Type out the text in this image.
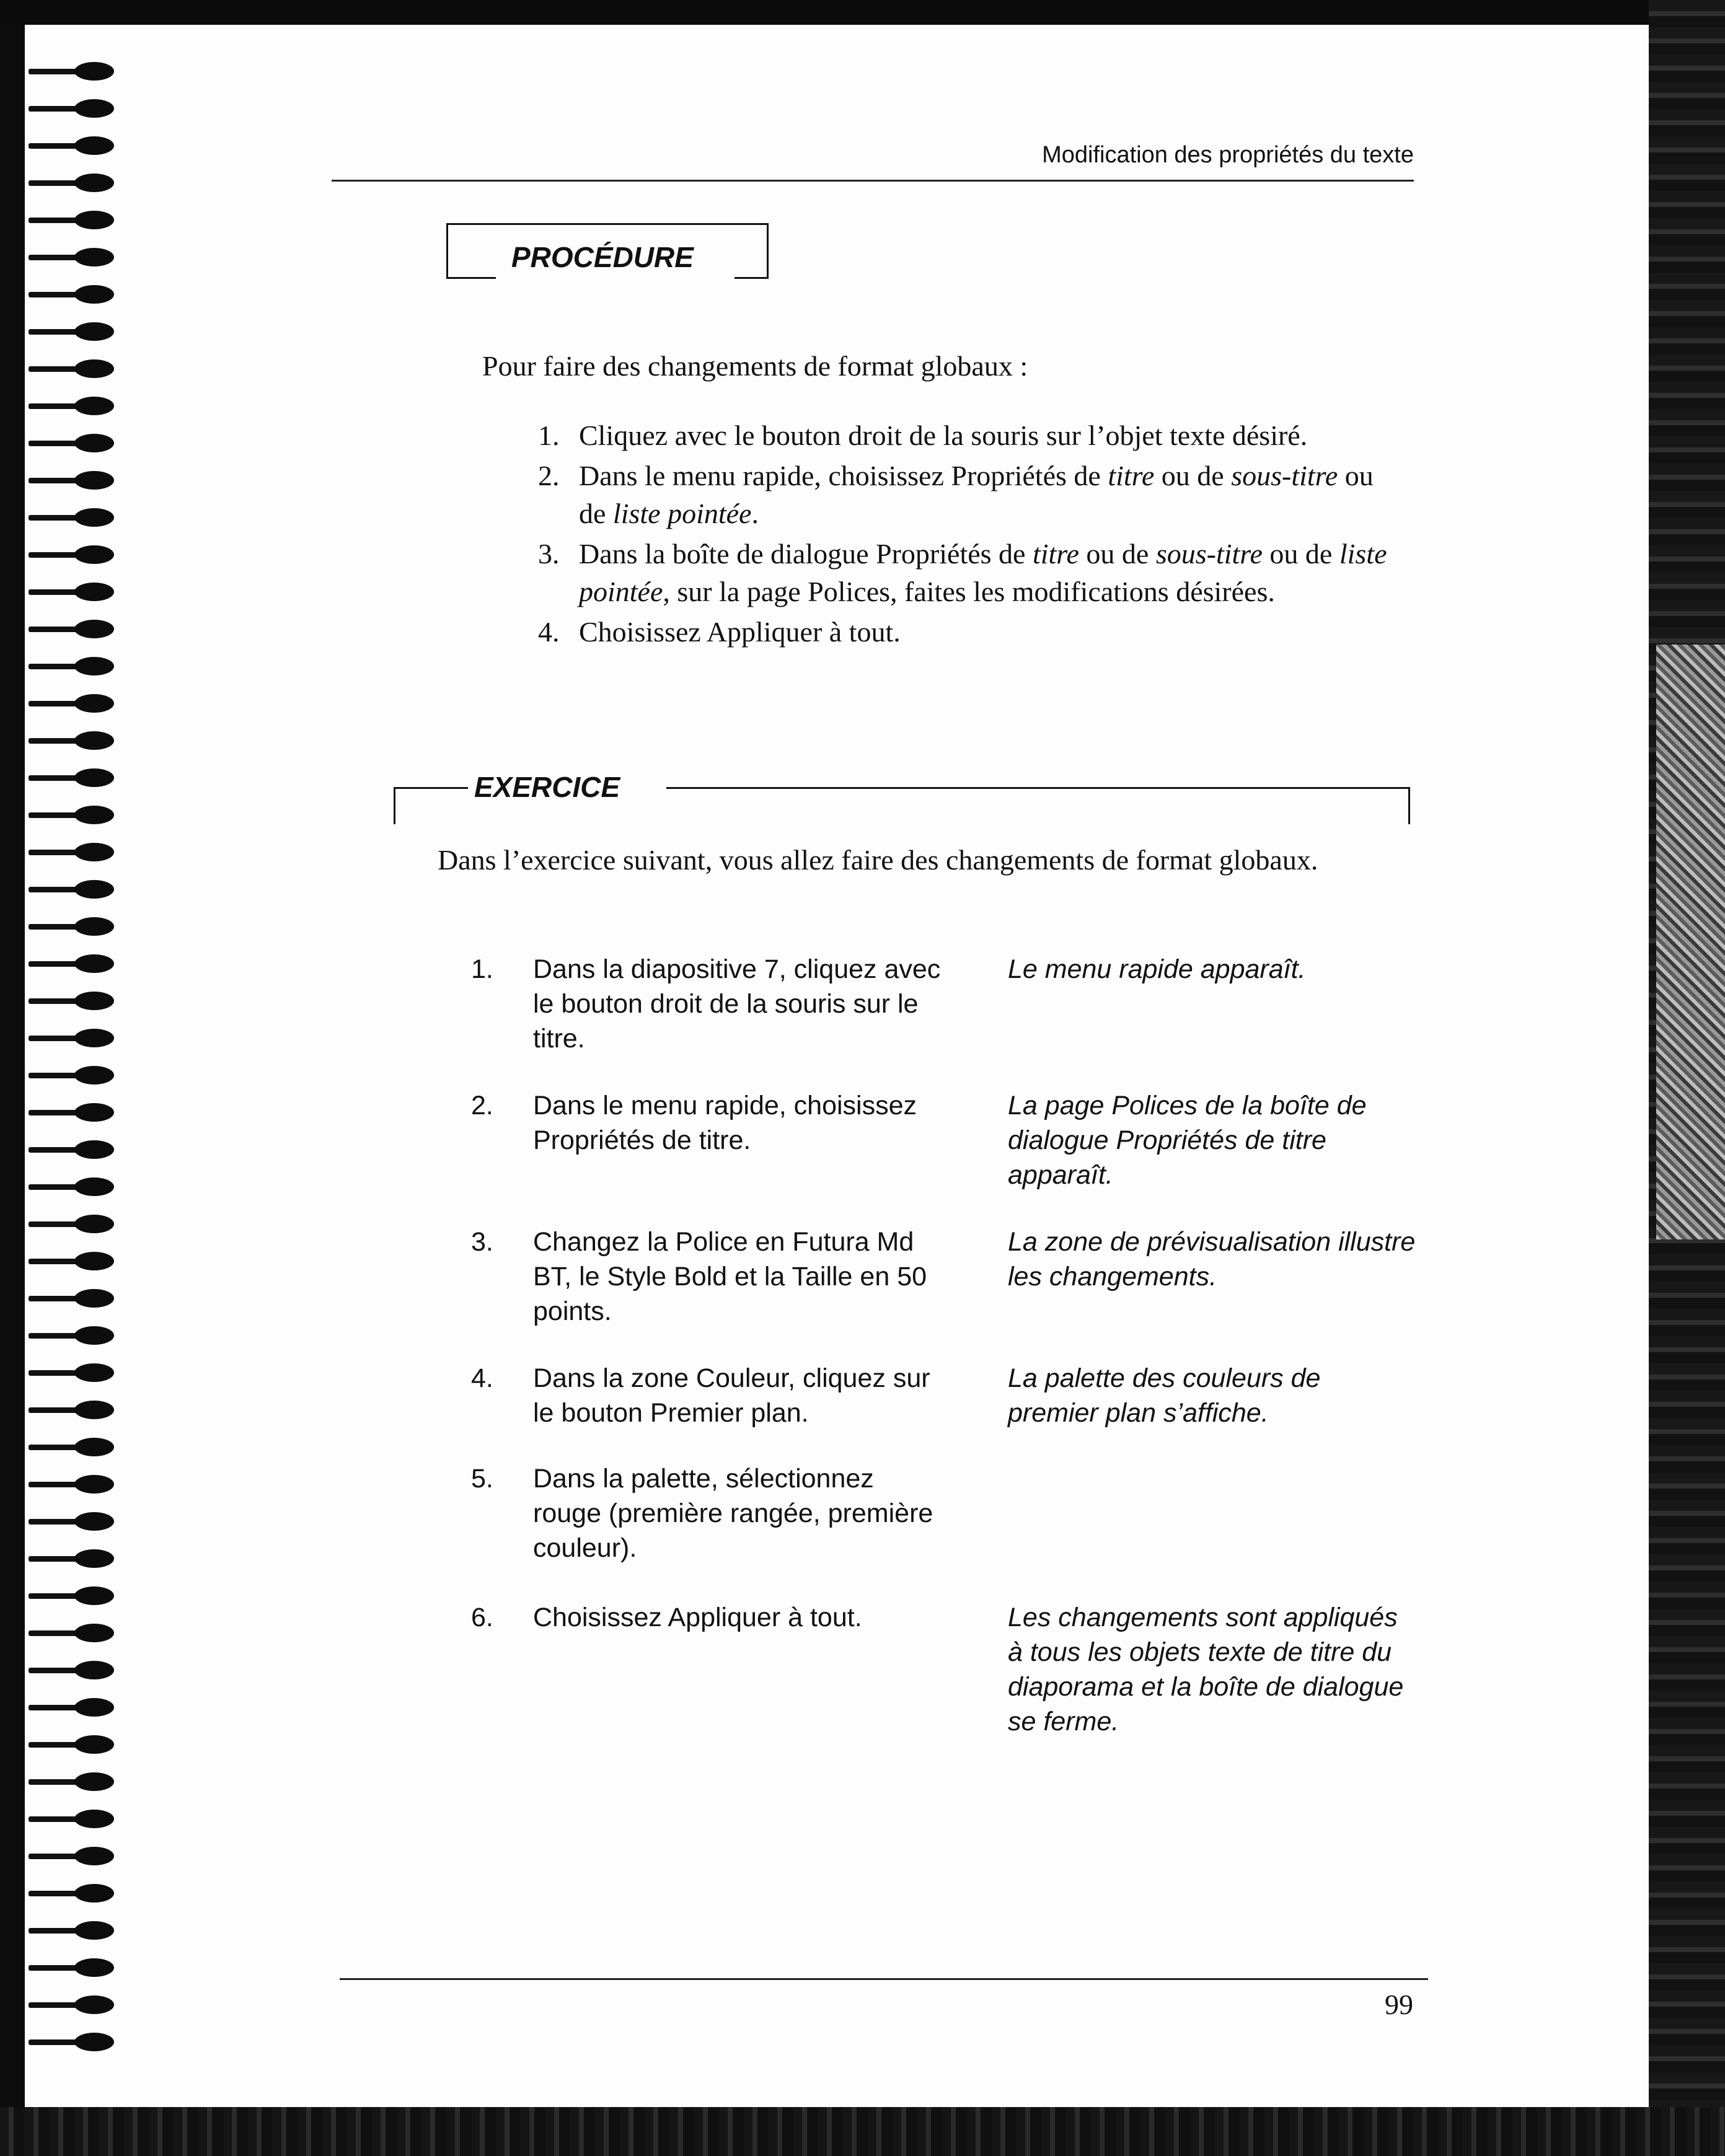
Modification des propriétés du texte
PROCÉDURE
Pour faire des changements de format globaux :
1. Cliquez avec le bouton droit de la souris sur l’objet texte désiré.
2. Dans le menu rapide, choisissez Propriétés de titre ou de sous-titre ou de liste pointée.
3. Dans la boîte de dialogue Propriétés de titre ou de sous-titre ou de liste pointée, sur la page Polices, faites les modifications désirées.
4. Choisissez Appliquer à tout.
EXERCICE
Dans l’exercice suivant, vous allez faire des changements de format globaux.
1. Dans la diapositive 7, cliquez avec le bouton droit de la souris sur le titre.
Le menu rapide apparaît.
2. Dans le menu rapide, choisissez Propriétés de titre.
La page Polices de la boîte de dialogue Propriétés de titre apparaît.
3. Changez la Police en Futura Md BT, le Style Bold et la Taille en 50 points.
La zone de prévisualisation illustre les changements.
4. Dans la zone Couleur, cliquez sur le bouton Premier plan.
La palette des couleurs de premier plan s’affiche.
5. Dans la palette, sélectionnez rouge (première rangée, première couleur).
6. Choisissez Appliquer à tout.	Les changements sont appliqués à tous les objets texte de titre du diaporama et la boîte de dialogue se ferme.
99
